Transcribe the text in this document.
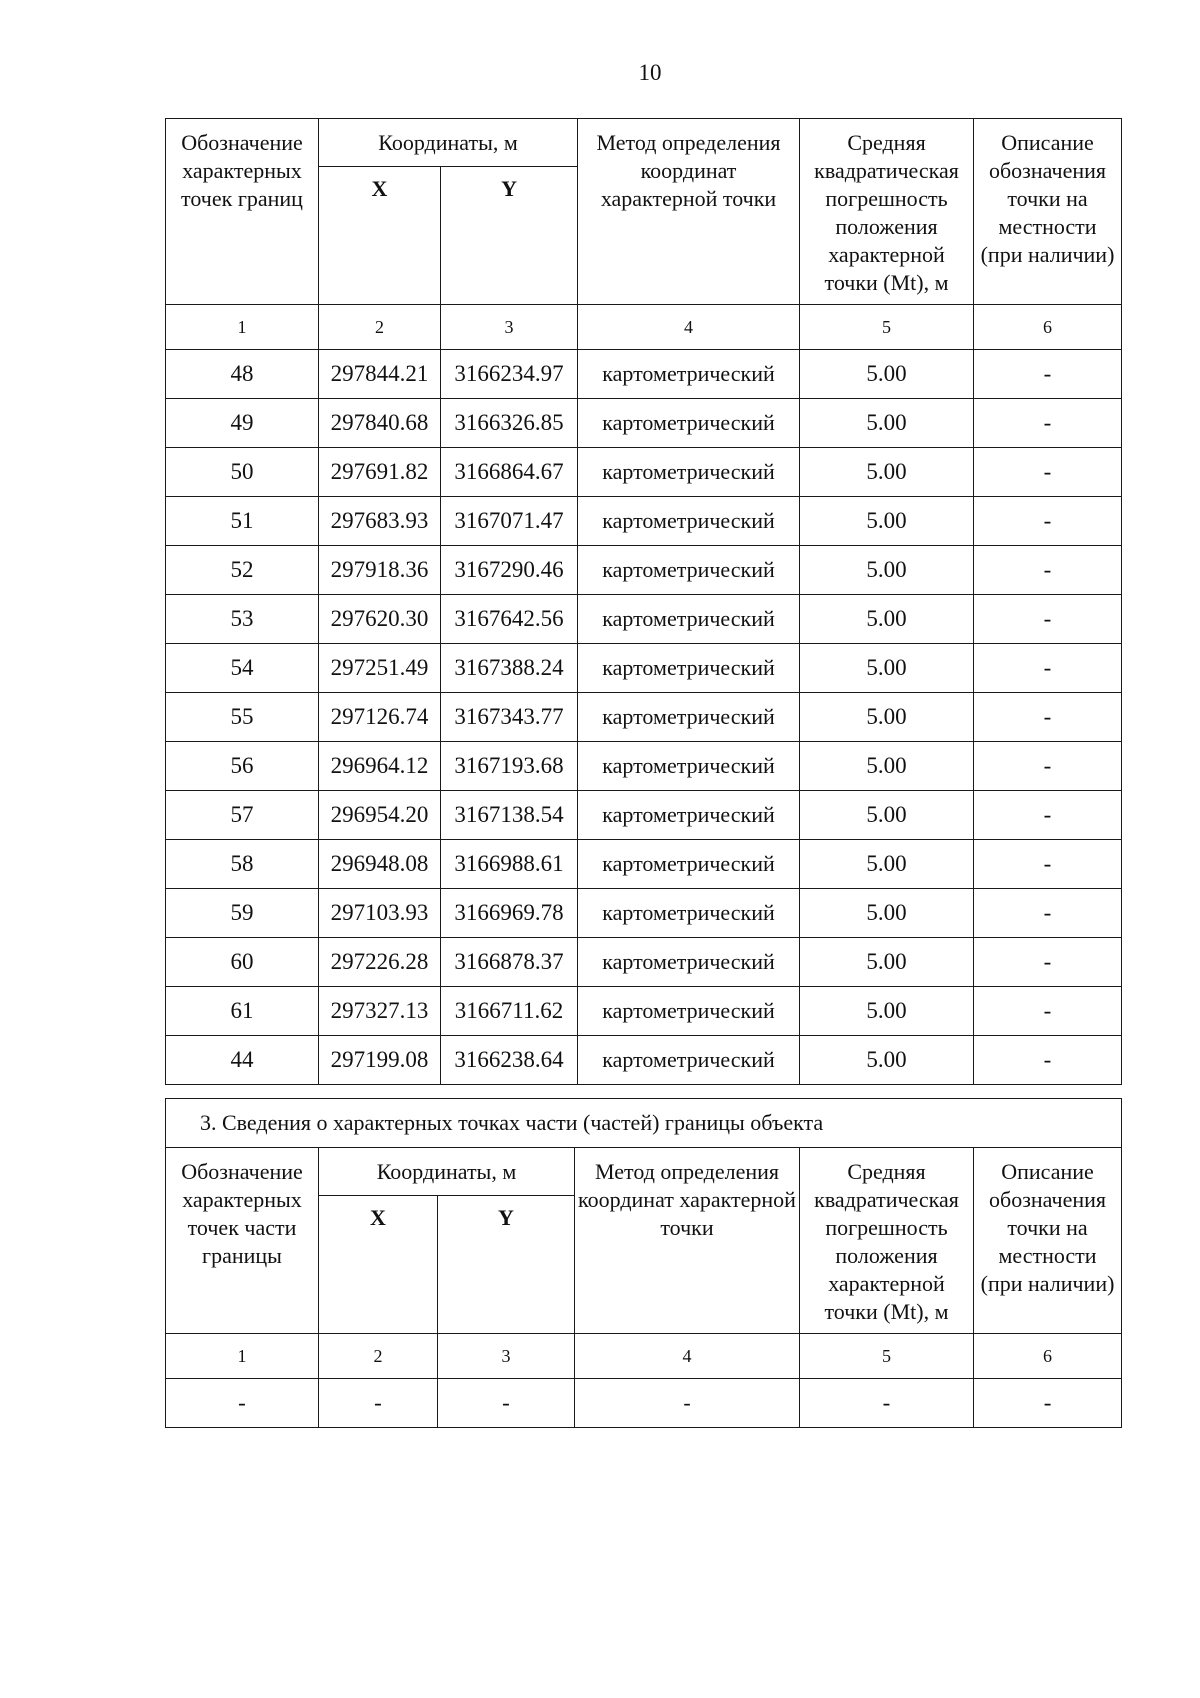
10
Обозначение характерных точек границ	Координаты, м		Метод определения координат характерной точки	Средняя квадратическая погрешность положения характерной точки (Mt), м	Описание обозначения точки на местности (при наличии)
	X	Y			
1	2	3	4	5	6
48	297844.21	3166234.97	картометрический	5.00	-
49	297840.68	3166326.85	картометрический	5.00	-
50	297691.82	3166864.67	картометрический	5.00	-
51	297683.93	3167071.47	картометрический	5.00	-
52	297918.36	3167290.46	картометрический	5.00	-
53	297620.30	3167642.56	картометрический	5.00	-
54	297251.49	3167388.24	картометрический	5.00	-
55	297126.74	3167343.77	картометрический	5.00	-
56	296964.12	3167193.68	картометрический	5.00	-
57	296954.20	3167138.54	картометрический	5.00	-
58	296948.08	3166988.61	картометрический	5.00	-
59	297103.93	3166969.78	картометрический	5.00	-
60	297226.28	3166878.37	картометрический	5.00	-
61	297327.13	3166711.62	картометрический	5.00	-
44	297199.08	3166238.64	картометрический	5.00	-
3. Сведения о характерных точках части (частей) границы объекта					
Обозначение характерных точек части границы	Координаты, м		Метод определения координат характерной точки	Средняя квадратическая погрешность положения характерной точки (Mt), м	Описание обозначения точки на местности (при наличии)
	X	Y			
1	2	3	4	5	6
-	-	-	-	-	-
